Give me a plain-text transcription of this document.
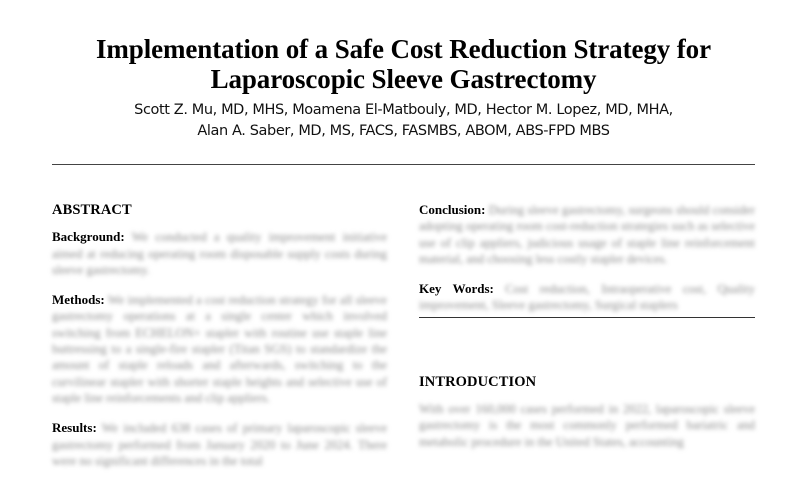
Implementation of a Safe Cost Reduction Strategy for
Laparoscopic Sleeve Gastrectomy
Scott Z. Mu, MD, MHS, Moamena El-Matbouly, MD, Hector M. Lopez, MD, MHA,
Alan A. Saber, MD, MS, FACS, FASMBS, ABOM, ABS-FPD MBS
ABSTRACT

Background: We conducted a quality improvement initiative aimed at reducing operating room disposable supply costs during sleeve gastrectomy.

Methods: We implemented a cost reduction strategy for all sleeve gastrectomy operations at a single center which involved switching from ECHELON+ stapler with routine use staple line buttressing to a single-fire stapler (Titan SGS) to standardize the amount of staple reloads and afterwards, switching to the curvilinear stapler with shorter staple heights and selective use of staple line reinforcements and clip appliers.

Results: We included 638 cases of primary laparoscopic sleeve gastrectomy performed from January 2020 to June 2024. There were no significant differences in the total

Conclusion: During sleeve gastrectomy, surgeons should consider adopting operating room cost-reduction strategies such as selective use of clip appliers, judicious usage of staple line reinforcement material, and choosing less costly stapler devices.

Key Words: Cost reduction, Intraoperative cost, Quality improvement, Sleeve gastrectomy, Surgical staplers

INTRODUCTION

With over 160,000 cases performed in 2022, laparoscopic sleeve gastrectomy is the most commonly performed bariatric and metabolic procedure in the United States, accounting
